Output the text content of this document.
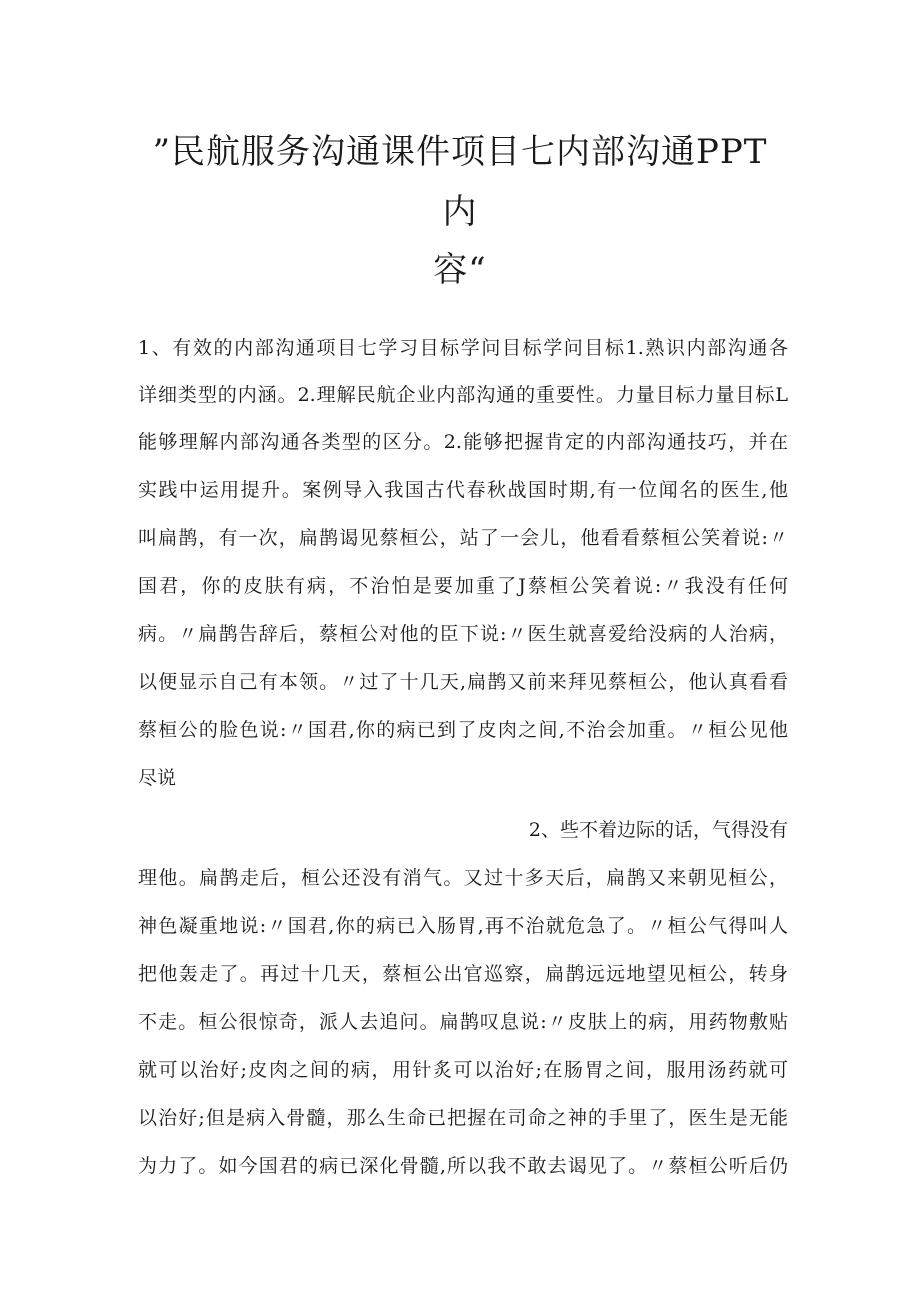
”民航服务沟通课件项目七内部沟通PPT
内
容“
1、有效的内部沟通项目七学习目标学问目标学问目标1.熟识内部沟通各
详细类型的内涵。2.理解民航企业内部沟通的重要性。力量目标力量目标L
能够理解内部沟通各类型的区分。2.能够把握肯定的内部沟通技巧，并在
实践中运用提升。案例导入我国古代春秋战国时期,有一位闻名的医生,他
叫扁鹊，有一次，扁鹊谒见蔡桓公，站了一会儿，他看看蔡桓公笑着说:〃
国君，你的皮肤有病，不治怕是要加重了J蔡桓公笑着说:〃我没有任何
病。〃扁鹊告辞后，蔡桓公对他的臣下说:〃医生就喜爱给没病的人治病，
以便显示自己有本领。〃过了十几天,扁鹊又前来拜见蔡桓公，他认真看看
蔡桓公的脸色说:〃国君,你的病已到了皮肉之间,不治会加重。〃桓公见他
尽说
2、些不着边际的话，气得没有
理他。扁鹊走后，桓公还没有消气。又过十多天后，扁鹊又来朝见桓公，
神色凝重地说:〃国君,你的病已入肠胃,再不治就危急了。〃桓公气得叫人
把他轰走了。再过十几天，蔡桓公出官巡察，扁鹊远远地望见桓公，转身
不走。桓公很惊奇，派人去追问。扁鹊叹息说:〃皮肤上的病，用药物敷贴
就可以治好;皮肉之间的病，用针炙可以治好;在肠胃之间，服用汤药就可
以治好;但是病入骨髓，那么生命已把握在司命之神的手里了，医生是无能
为力了。如今国君的病已深化骨髓,所以我不敢去谒见了。〃蔡桓公听后仍
